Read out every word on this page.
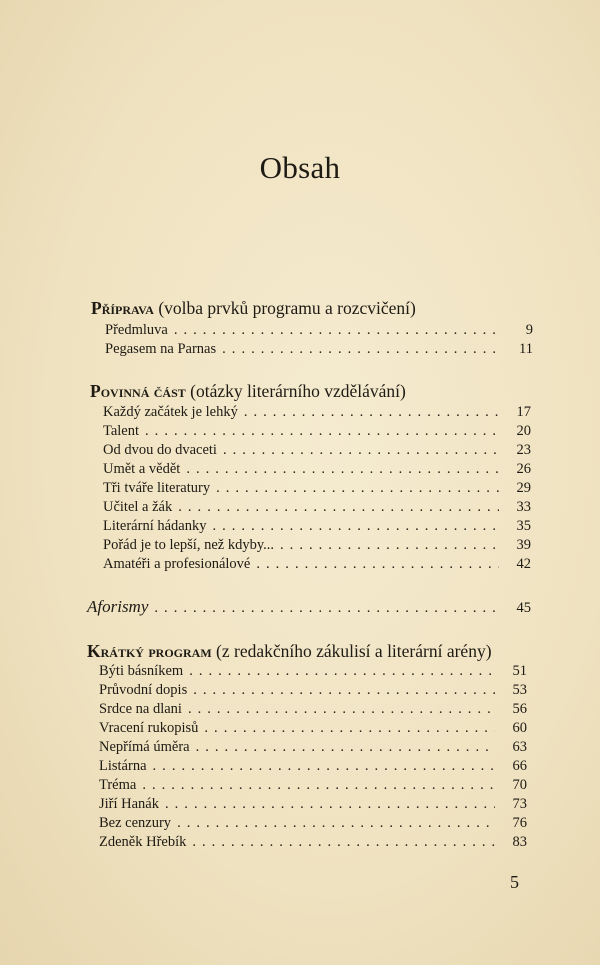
Obsah
Příprava (volba prvků programu a rozcvičení)
Předmluva . . .	9
Pegasem na Parnas . . .	11
Povinná část (otázky literárního vzdělávání)
Každý začátek je lehký . . .	17
Talent . . .	20
Od dvou do dvaceti . . .	23
Umět a vědět . . .	26
Tři tváře literatury . . .	29
Učitel a žák . . .	33
Literární hádanky . . .	35
Pořád je to lepší, než kdyby... . . .	39
Amatéři a profesionálové . . .	42
Aforismy . . .	45
Krátký program (z redakčního zákulisí a literární arény)
Býti básníkem . . .	51
Průvodní dopis . . .	53
Srdce na dlani . . .	56
Vracení rukopisů . . .	60
Nepřímá úměra . . .	63
Listárna . . .	66
Tréma . . .	70
Jiří Hanák . . .	73
Bez cenzury . . .	76
Zdeněk Hřebík . . .	83
5
